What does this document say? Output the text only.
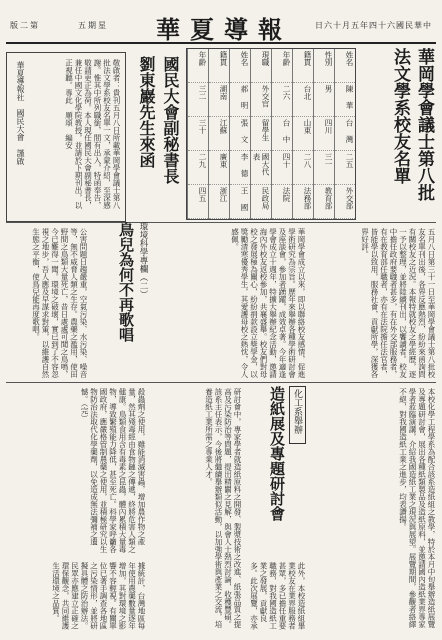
版二第	五期星 華夏導報	日六十月五年四十六國民華中
華岡學會議士第八批
法文學系校友名單
姓名
陳 華
台 灣
二五
外交部
性別
男
四川
三一
教育部
籍貫
台北
山東
二八
法務部
年齡
二六
台 中
四十
法院
現職
外交官
留學生
國大代表
民政局
姓名
郝 明
張 文
李 德
王 國
籍貫
湖南
江蘇
廣東
浙江
年齡
三二
三十
二九
四五
國民大會副秘書長
劉東巖先生來函
敬啟者：貴刊五月八日所載華岡學會議士第八批法文學系校友名單一文，承蒙介紹，至深感謝。惟其中所列職銜，間有出入，特函奉告，敬請更正為荷。本人現任國民大會副秘書長，兼任中國文化學院教授，並請於下期刊出，以正視聽。專此　順頌　編安
華夏導報社　國民大會　謹啟
五月八日第三十一日至華岡學會議士第八批校友名單刊出後，各界反應熱烈，紛紛來函詢問有關校友之近況。本報特就校友之學經歷，逐一予以整理，並將陸續刊出，以饗讀者。校友中擔任政府要職者甚多，有在外交部服務者，有在教育部任職者，亦有在法院擔任法官者，皆能學以致用，服務社會，貢獻所學，深獲各界好評。
華岡學會成立以來，即以聯絡校友感情，促進學術研究為宗旨。歷年來舉辦各種學術研討會及座談會，參加者踴躍，成效卓著。今年適逢學會成立十週年，特擴大舉辦紀念活動，邀請海內外校友返校參加，共襄盛舉。校友們對母校之發展極為關心，紛紛捐款設立獎學金，以獎勵清寒優秀學生，其愛護母校之熱忱，令人感佩。
環境科學專欄（二）
鳥兒為何不再歌唱
公害問題日趨嚴重，空氣污染、水污染、噪音等，無不威脅人類之生存。農藥之濫用，使田野間之鳥類大量死亡，昔日處處可聞之鳥鳴，今已難得一聞。環境之破壞，實已到了不容忽視之地步，吾人應及早謀求對策，以維護自然生態之平衡，使鳥兒能再度歌唱。
本校化學工程學系為配合該系造紙組之教學，特於本月中旬舉辦造紙展覽及專題研討會，展出各種紙類製品及造紙原料，並邀請國內造紙業界專家學者蒞臨演講，介紹我國造紙工業之現況與展望。展覽期間，參觀者絡繹不絕，對我國造紙工業之進步，均表讚揚。
化工系舉辦
造紙展及專題研討會
此外，本校造紙組畢業校友在業界服務者甚眾，多已擔任重要職務，對我國造紙工業之發展，貢獻良多。此次展覽，亦承
研討會中，專家學者就造紙原料之開發、製漿技術之改進、紙張品質之提高及污染防治等問題，提出精闢之見解，與會人士熱烈討論，收穫豐碩。該系主任表示，今後將繼續舉辦類似活動，以加強學術與產業之交流，培養造紙工業所需之專業人才。
殺蟲劑之使用，雖能消滅害蟲，增加農作物之產量，然其殘毒經由食物鏈之傳遞，終將危害人類之健康。鳥類食用含有毒素之昆蟲，體內累積大量毒物，導致繁殖能力降低，甚至死亡。科學家呼籲各國政府，應嚴格管制農藥之使用，並積極研究以生物防治法取代化學藥劑，以免造成無法彌補之遺憾。（完）
據統計，台灣地區每年使用農藥數量逐年增加，其對環境之影響不容輕視。有關單位已著手調查各地區之污染情形，並將研擬具體之防治辦法。民眾亦應建立正確之環保觀念，共同維護生活環境之品質。
